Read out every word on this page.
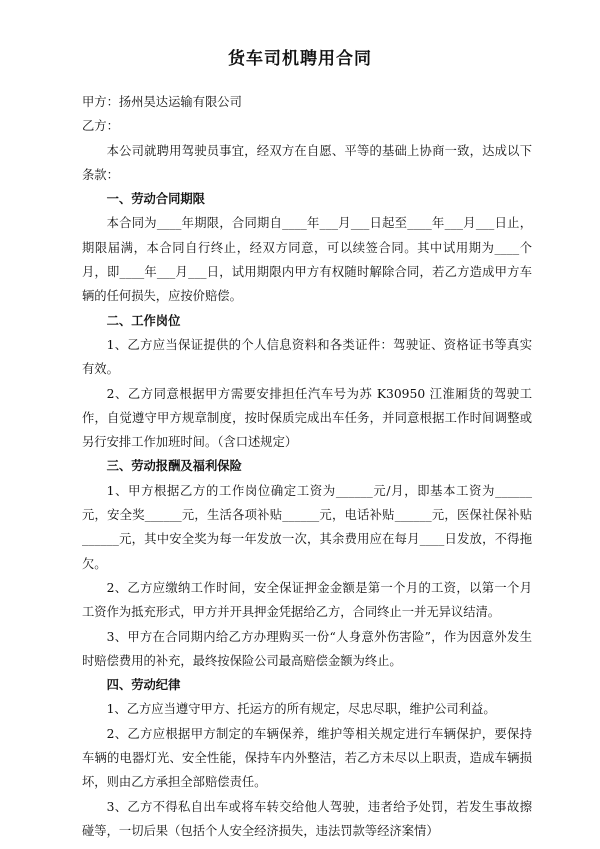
货车司机聘用合同

甲方：扬州昊达运输有限公司

乙方：

本公司就聘用驾驶员事宜，经双方在自愿、平等的基础上协商一致，达成以下条款：

一、劳动合同期限

本合同为____年期限，合同期自____年___月___日起至____年___月___日止，期限届满，本合同自行终止，经双方同意，可以续签合同。其中试用期为____个月，即____年___月___日，试用期限内甲方有权随时解除合同，若乙方造成甲方车辆的任何损失，应按价赔偿。

二、工作岗位

1、乙方应当保证提供的个人信息资料和各类证件：驾驶证、资格证书等真实有效。

2、乙方同意根据甲方需要安排担任汽车号为苏 K30950 江淮厢货的驾驶工作，自觉遵守甲方规章制度，按时保质完成出车任务，并同意根据工作时间调整或另行安排工作加班时间。（含口述规定）

三、劳动报酬及福利保险

1、甲方根据乙方的工作岗位确定工资为______元/月，即基本工资为______元，安全奖______元，生活各项补贴______元，电话补贴______元，医保社保补贴______元，其中安全奖为每一年发放一次，其余费用应在每月____日发放，不得拖欠。

2、乙方应缴纳工作时间，安全保证押金金额是第一个月的工资，以第一个月工资作为抵充形式，甲方并开具押金凭据给乙方，合同终止一并无异议结清。

3、甲方在合同期内给乙方办理购买一份“人身意外伤害险”，作为因意外发生时赔偿费用的补充，最终按保险公司最高赔偿金额为终止。

四、劳动纪律

1、乙方应当遵守甲方、托运方的所有规定，尽忠尽职，维护公司利益。

2、乙方应根据甲方制定的车辆保养，维护等相关规定进行车辆保护，要保持车辆的电器灯光、安全性能，保持车内外整洁，若乙方未尽以上职责，造成车辆损坏，则由乙方承担全部赔偿责任。

3、乙方不得私自出车或将车转交给他人驾驶，违者给予处罚，若发生事故擦碰等，一切后果（包括个人安全经济损失，违法罚款等经济案情）
